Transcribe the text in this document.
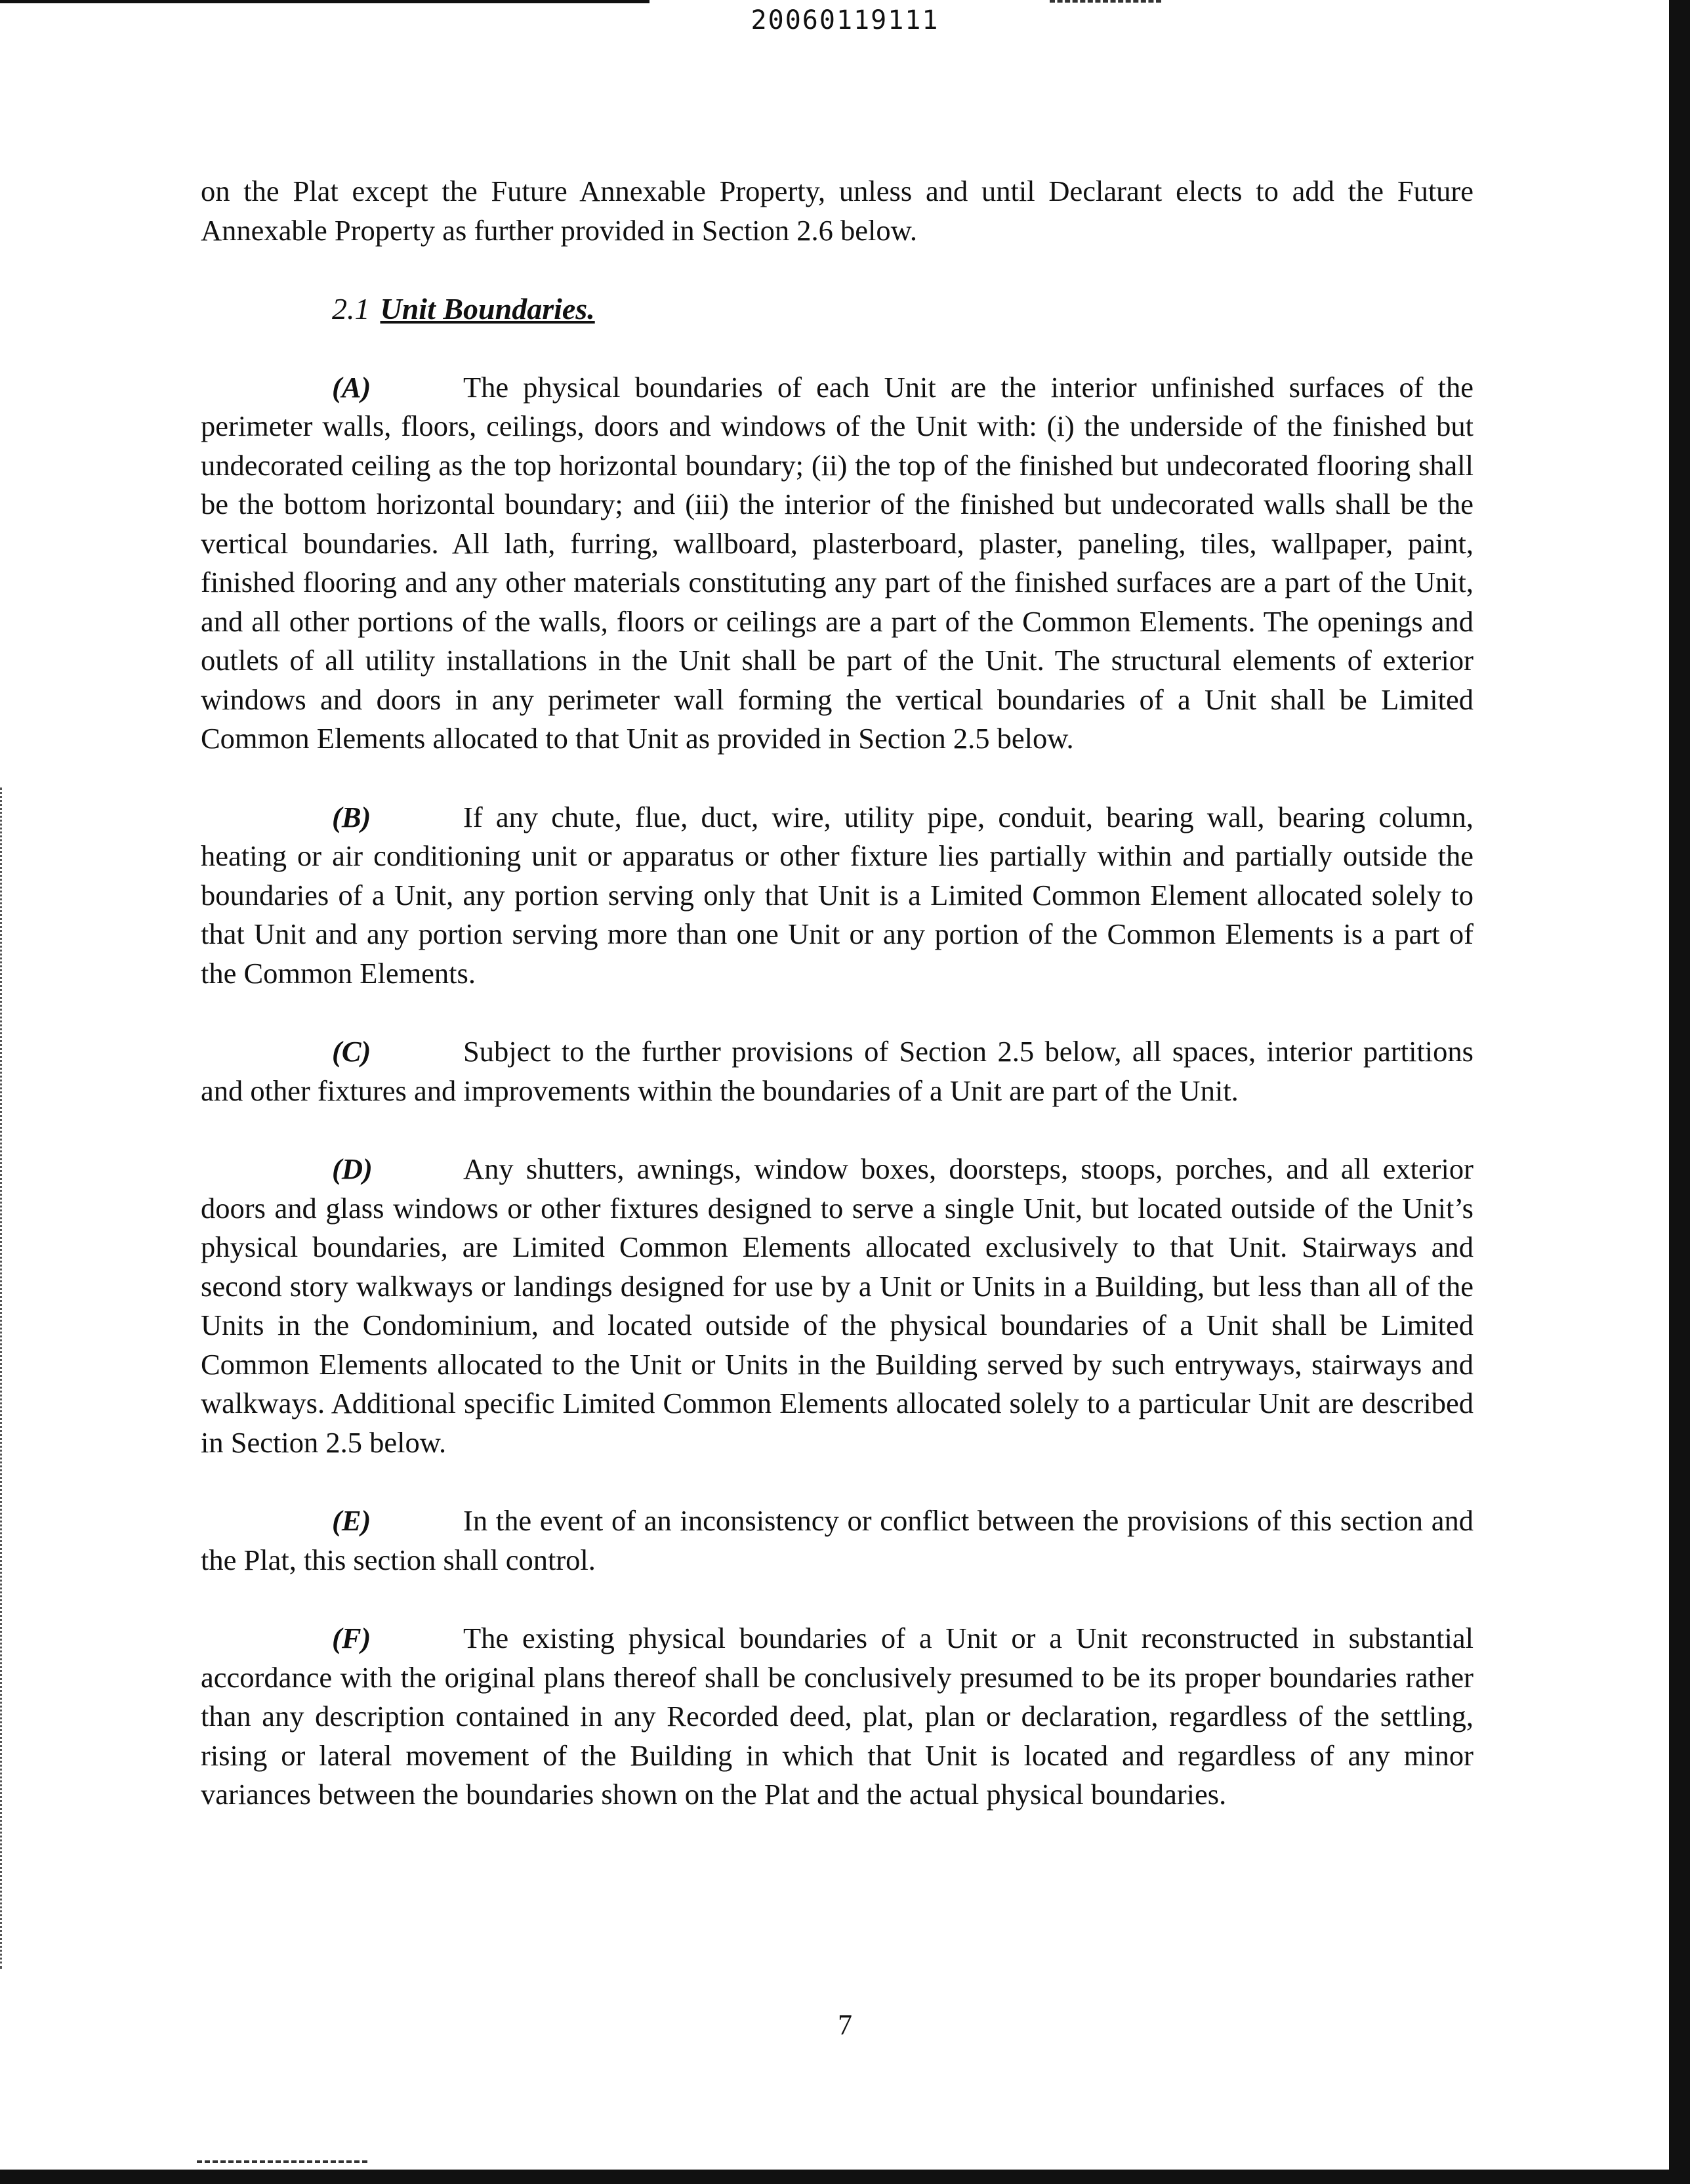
20060119111

on the Plat except the Future Annexable Property, unless and until Declarant elects to add the Future Annexable Property as further provided in Section 2.6 below.

2.1 Unit Boundaries.

(A)	The physical boundaries of each Unit are the interior unfinished surfaces of the perimeter walls, floors, ceilings, doors and windows of the Unit with: (i) the underside of the finished but undecorated ceiling as the top horizontal boundary; (ii) the top of the finished but undecorated flooring shall be the bottom horizontal boundary; and (iii) the interior of the finished but undecorated walls shall be the vertical boundaries. All lath, furring, wallboard, plasterboard, plaster, paneling, tiles, wallpaper, paint, finished flooring and any other materials constituting any part of the finished surfaces are a part of the Unit, and all other portions of the walls, floors or ceilings are a part of the Common Elements. The openings and outlets of all utility installations in the Unit shall be part of the Unit. The structural elements of exterior windows and doors in any perimeter wall forming the vertical boundaries of a Unit shall be Limited Common Elements allocated to that Unit as provided in Section 2.5 below.

(B)	If any chute, flue, duct, wire, utility pipe, conduit, bearing wall, bearing column, heating or air conditioning unit or apparatus or other fixture lies partially within and partially outside the boundaries of a Unit, any portion serving only that Unit is a Limited Common Element allocated solely to that Unit and any portion serving more than one Unit or any portion of the Common Elements is a part of the Common Elements.

(C)	Subject to the further provisions of Section 2.5 below, all spaces, interior partitions and other fixtures and improvements within the boundaries of a Unit are part of the Unit.

(D)	Any shutters, awnings, window boxes, doorsteps, stoops, porches, and all exterior doors and glass windows or other fixtures designed to serve a single Unit, but located outside of the Unit’s physical boundaries, are Limited Common Elements allocated exclusively to that Unit. Stairways and second story walkways or landings designed for use by a Unit or Units in a Building, but less than all of the Units in the Condominium, and located outside of the physical boundaries of a Unit shall be Limited Common Elements allocated to the Unit or Units in the Building served by such entryways, stairways and walkways. Additional specific Limited Common Elements allocated solely to a particular Unit are described in Section 2.5 below.

(E)	In the event of an inconsistency or conflict between the provisions of this section and the Plat, this section shall control.

(F)	The existing physical boundaries of a Unit or a Unit reconstructed in substantial accordance with the original plans thereof shall be conclusively presumed to be its proper boundaries rather than any description contained in any Recorded deed, plat, plan or declaration, regardless of the settling, rising or lateral movement of the Building in which that Unit is located and regardless of any minor variances between the boundaries shown on the Plat and the actual physical boundaries.

7
